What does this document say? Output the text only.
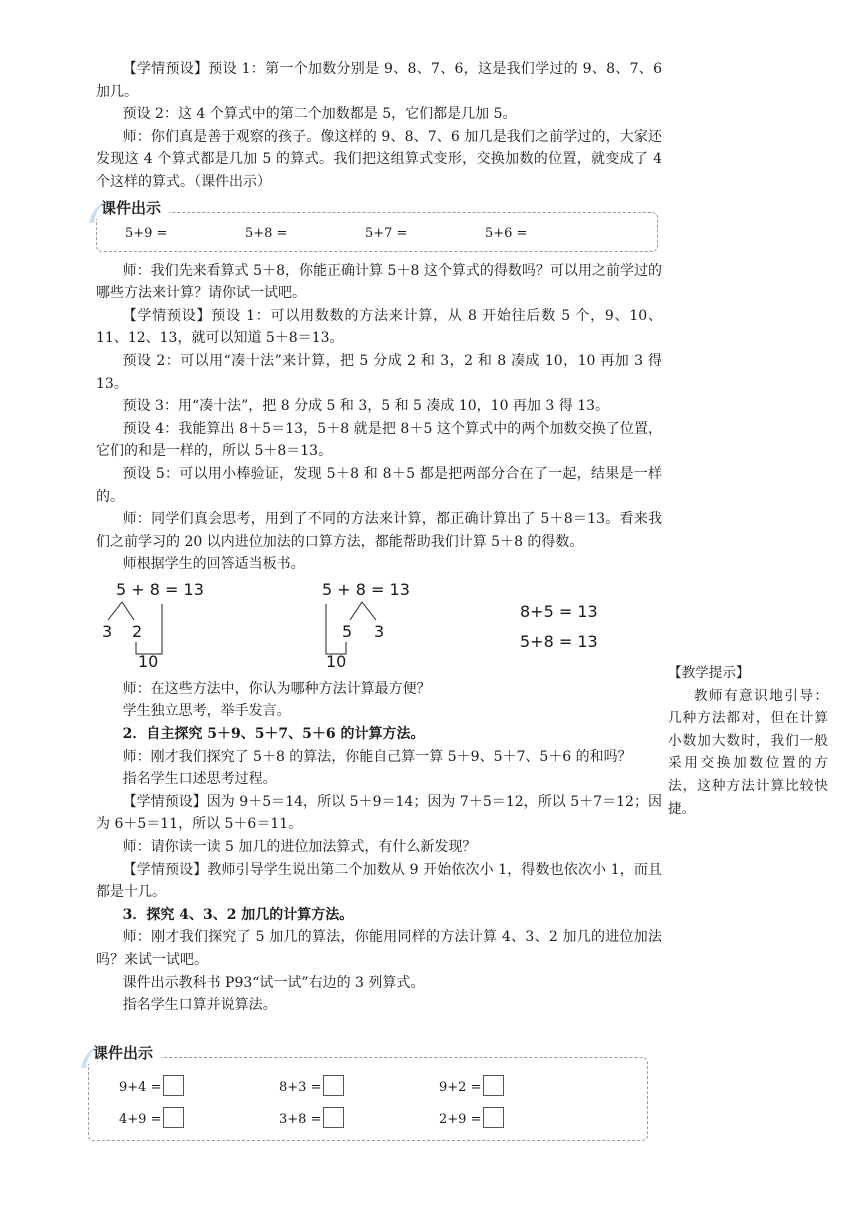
【学情预设】预设 1：第一个加数分别是 9、8、7、6，这是我们学过的 9、8、7、6加几。

预设 2：这 4 个算式中的第二个加数都是 5，它们都是几加 5。

师：你们真是善于观察的孩子。像这样的 9、8、7、6 加几是我们之前学过的，大家还发现这 4 个算式都是几加 5 的算式。我们把这组算式变形，交换加数的位置，就变成了 4 个这样的算式。（课件出示）

课件出示
5+9 =	5+8 =	5+7 =	5+6 =

师：我们先来看算式 5＋8，你能正确计算 5＋8 这个算式的得数吗？可以用之前学过的哪些方法来计算？请你试一试吧。

【学情预设】预设 1：可以用数数的方法来计算，从 8 开始往后数 5 个，9、10、11、12、13，就可以知道 5＋8＝13。

预设 2：可以用“凑十法”来计算，把 5 分成 2 和 3，2 和 8 凑成 10，10 再加 3 得 13。

预设 3：用“凑十法”，把 8 分成 5 和 3，5 和 5 凑成 10，10 再加 3 得 13。

预设 4：我能算出 8＋5＝13，5＋8 就是把 8＋5 这个算式中的两个加数交换了位置，它们的和是一样的，所以 5＋8＝13。

预设 5：可以用小棒验证，发现 5＋8 和 8＋5 都是把两部分合在了一起，结果是一样的。

师：同学们真会思考，用到了不同的方法来计算，都正确计算出了 5＋8＝13。看来我们之前学习的 20 以内进位加法的口算方法，都能帮助我们计算 5＋8 的得数。

师根据学生的回答适当板书。

5 + 8 = 13
3 2
10
5 + 8 = 13
5 3
10
8+5 = 13
5+8 = 13

师：在这些方法中，你认为哪种方法计算最方便？

学生独立思考，举手发言。

2．自主探究 5＋9、5＋7、5＋6 的计算方法。

师：刚才我们探究了 5＋8 的算法，你能自己算一算 5＋9、5＋7、5＋6 的和吗？

指名学生口述思考过程。

【学情预设】因为 9＋5＝14，所以 5＋9＝14；因为 7＋5＝12，所以 5＋7＝12；因为 6＋5＝11，所以 5＋6＝11。

师：请你读一读 5 加几的进位加法算式，有什么新发现？

【学情预设】教师引导学生说出第二个加数从 9 开始依次小 1，得数也依次小 1，而且都是十几。

3．探究 4、3、2 加几的计算方法。

师：刚才我们探究了 5 加几的算法，你能用同样的方法计算 4、3、2 加几的进位加法吗？来试一试吧。

课件出示教科书 P93“试一试”右边的 3 列算式。

指名学生口算并说算法。

课件出示
9+4 =	8+3 =	9+2 =
4+9 =	3+8 =	2+9 =

【教学提示】

教师有意识地引导：几种方法都对，但在计算小数加大数时，我们一般采用交换加数位置的方法，这种方法计算比较快捷。
